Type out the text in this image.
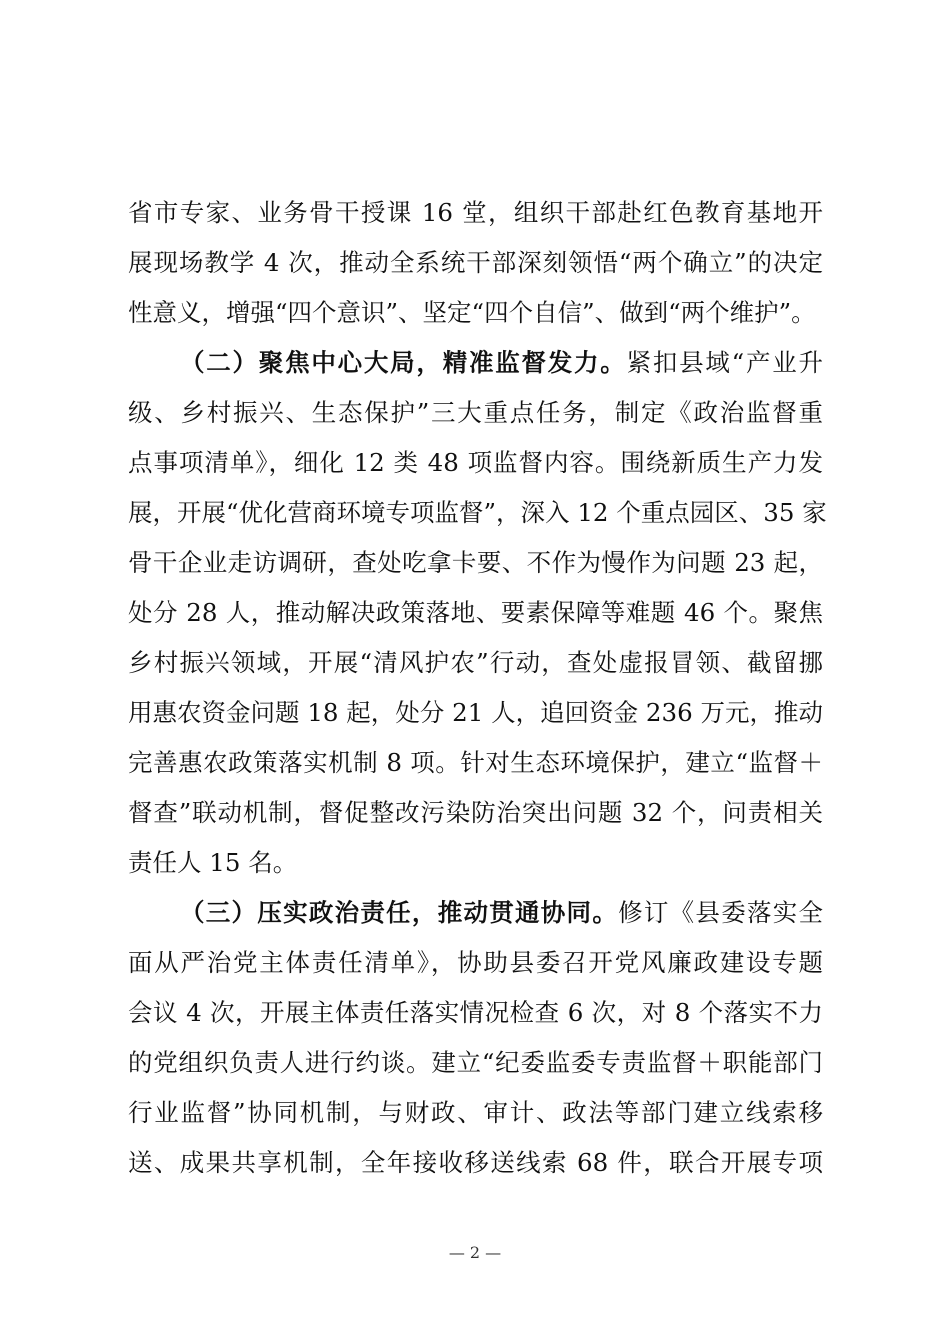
省市专家、业务骨干授课 16 堂，组织干部赴红色教育基地开
展现场教学 4 次，推动全系统干部深刻领悟“两个确立”的决定
性意义，增强“四个意识”、坚定“四个自信”、做到“两个维护”。
（二）聚焦中心大局，精准监督发力。紧扣县域“产业升
级、乡村振兴、生态保护”三大重点任务，制定《政治监督重
点事项清单》，细化 12 类 48 项监督内容。围绕新质生产力发
展，开展“优化营商环境专项监督”，深入 12 个重点园区、35 家
骨干企业走访调研，查处吃拿卡要、不作为慢作为问题 23 起，
处分 28 人，推动解决政策落地、要素保障等难题 46 个。聚焦
乡村振兴领域，开展“清风护农”行动，查处虚报冒领、截留挪
用惠农资金问题 18 起，处分 21 人，追回资金 236 万元，推动
完善惠农政策落实机制 8 项。针对生态环境保护，建立“监督＋
督查”联动机制，督促整改污染防治突出问题 32 个，问责相关
责任人 15 名。
（三）压实政治责任，推动贯通协同。修订《县委落实全
面从严治党主体责任清单》，协助县委召开党风廉政建设专题
会议 4 次，开展主体责任落实情况检查 6 次，对 8 个落实不力
的党组织负责人进行约谈。建立“纪委监委专责监督＋职能部门
行业监督”协同机制，与财政、审计、政法等部门建立线索移
送、成果共享机制，全年接收移送线索 68 件，联合开展专项
— 2 —
